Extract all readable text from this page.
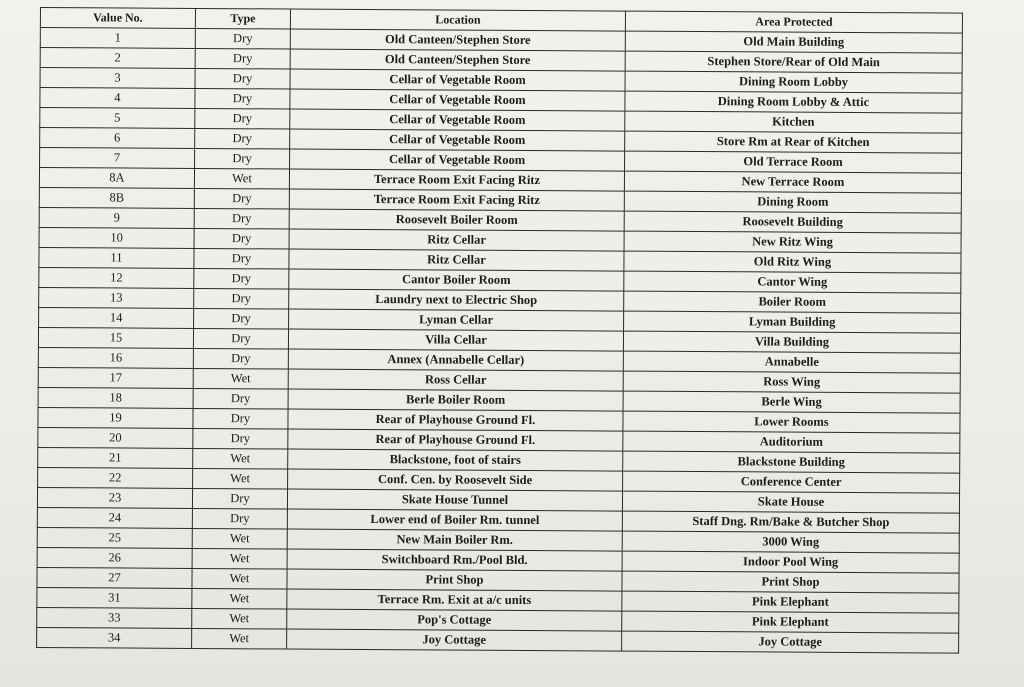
Value No.	Type	Location	Area Protected
1	Dry	Old Canteen/Stephen Store	Old Main Building
2	Dry	Old Canteen/Stephen Store	Stephen Store/Rear of Old Main
3	Dry	Cellar of Vegetable Room	Dining Room Lobby
4	Dry	Cellar of Vegetable Room	Dining Room Lobby & Attic
5	Dry	Cellar of Vegetable Room	Kitchen
6	Dry	Cellar of Vegetable Room	Store Rm at Rear of Kitchen
7	Dry	Cellar of Vegetable Room	Old Terrace Room
8A	Wet	Terrace Room Exit Facing Ritz	New Terrace Room
8B	Dry	Terrace Room Exit Facing Ritz	Dining Room
9	Dry	Roosevelt Boiler Room	Roosevelt Building
10	Dry	Ritz Cellar	New Ritz Wing
11	Dry	Ritz Cellar	Old Ritz Wing
12	Dry	Cantor Boiler Room	Cantor Wing
13	Dry	Laundry next to Electric Shop	Boiler Room
14	Dry	Lyman Cellar	Lyman Building
15	Dry	Villa Cellar	Villa Building
16	Dry	Annex (Annabelle Cellar)	Annabelle
17	Wet	Ross Cellar	Ross Wing
18	Dry	Berle Boiler Room	Berle Wing
19	Dry	Rear of Playhouse Ground Fl.	Lower Rooms
20	Dry	Rear of Playhouse Ground Fl.	Auditorium
21	Wet	Blackstone, foot of stairs	Blackstone Building
22	Wet	Conf. Cen. by Roosevelt Side	Conference Center
23	Dry	Skate House Tunnel	Skate House
24	Dry	Lower end of Boiler Rm. tunnel	Staff Dng. Rm/Bake & Butcher Shop
25	Wet	New Main Boiler Rm.	3000 Wing
26	Wet	Switchboard Rm./Pool Bld.	Indoor Pool Wing
27	Wet	Print Shop	Print Shop
31	Wet	Terrace Rm. Exit at a/c units	Pink Elephant
33	Wet	Pop's Cottage	Pink Elephant
34	Wet	Joy Cottage	Joy Cottage
